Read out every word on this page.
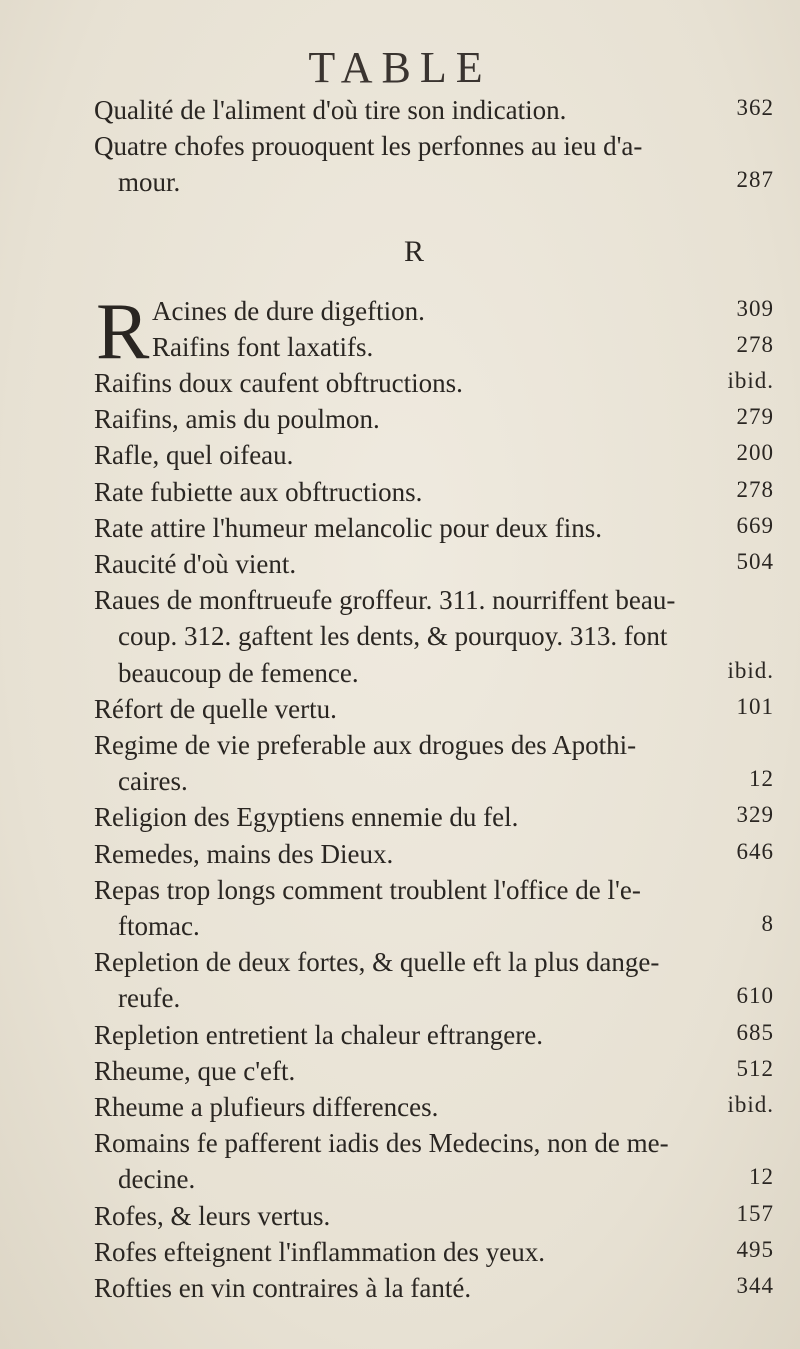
TABLE
Qualité de l'aliment d'où tire son indication.	362
Quatre chofes prouoquent les perfonnes au ieu d'a-
mour.	287
R
R Acines de dure digeftion.	309
Raifins font laxatifs.	278
Raifins doux caufent obftructions.	ibid.
Raifins, amis du poulmon.	279
Rafle, quel oifeau.	200
Rate fubiette aux obftructions.	278
Rate attire l'humeur melancolic pour deux fins.	669
Raucité d'où vient.	504
Raues de monftrueufe groffeur. 311. nourriffent beau-
coup. 312. gaftent les dents, & pourquoy. 313. font
beaucoup de femence.	ibid.
Réfort de quelle vertu.	101
Regime de vie preferable aux drogues des Apothi-
caires.	12
Religion des Egyptiens ennemie du fel.	329
Remedes, mains des Dieux.	646
Repas trop longs comment troublent l'office de l'e-
ftomac.	8
Repletion de deux fortes, & quelle eft la plus dange-
reufe.	610
Repletion entretient la chaleur eftrangere.	685
Rheume, que c'eft.	512
Rheume a plufieurs differences.	ibid.
Romains fe pafferent iadis des Medecins, non de me-
decine.	12
Rofes, & leurs vertus.	157
Rofes efteignent l'inflammation des yeux.	495
Rofties en vin contraires à la fanté.	344
